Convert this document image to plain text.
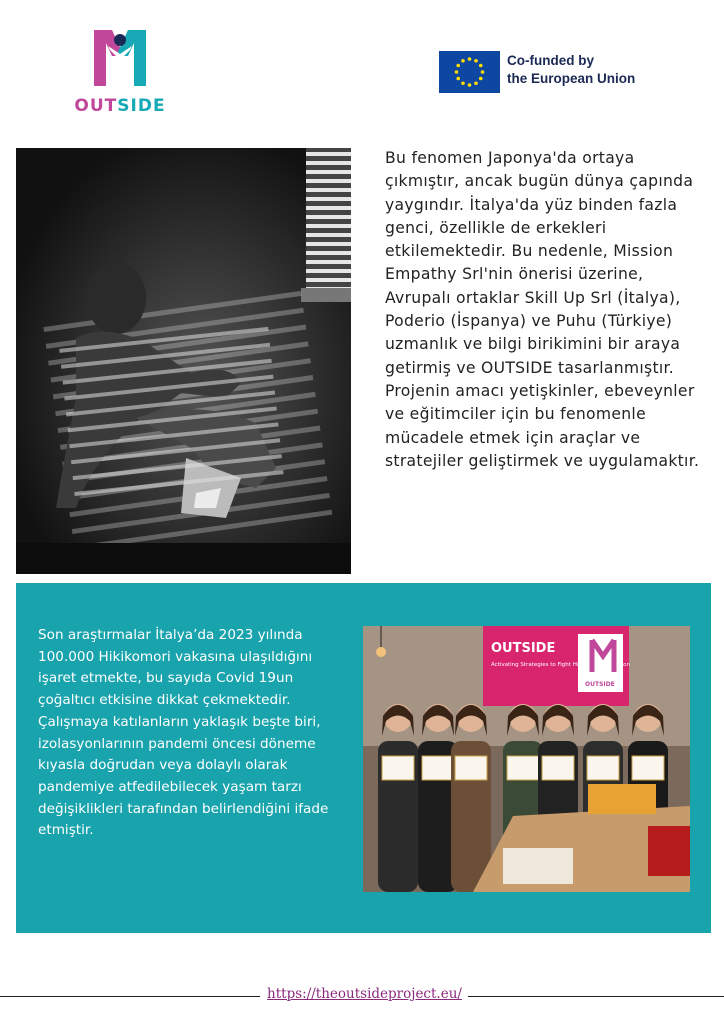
OUTSIDE
Co-funded by
the European Union

Bu fenomen Japonya'da ortaya çıkmıştır, ancak bugün dünya çapında yaygındır. İtalya'da yüz binden fazla genci, özellikle de erkekleri etkilemektedir. Bu nedenle, Mission Empathy Srl'nin önerisi üzerine, Avrupalı ortaklar Skill Up Srl (İtalya), Poderio (İspanya) ve Puhu (Türkiye) uzmanlık ve bilgi birikimini bir araya getirmiş ve OUTSIDE tasarlanmıştır. Projenin amacı yetişkinler, ebeveynler ve eğitimciler için bu fenomenle mücadele etmek için araçlar ve stratejiler geliştirmek ve uygulamaktır.

Son araştırmalar İtalya’da 2023 yılında 100.000 Hikikomori vakasına ulaşıldığını işaret etmekte, bu sayıda Covid 19un çoğaltıcı etkisine dikkat çekmektedir.
Çalışmaya katılanların yaklaşık beşte biri, izolasyonlarının pandemi öncesi döneme kıyasla doğrudan veya dolaylı olarak pandemiye atfedilebilecek yaşam tarzı değişiklikleri tarafından belirlendiğini ifade etmiştir.
OUTSIDE
Activating Strategies to Fight Hikikomori Condition
OUTSIDE
https://theoutsideproject.eu/
